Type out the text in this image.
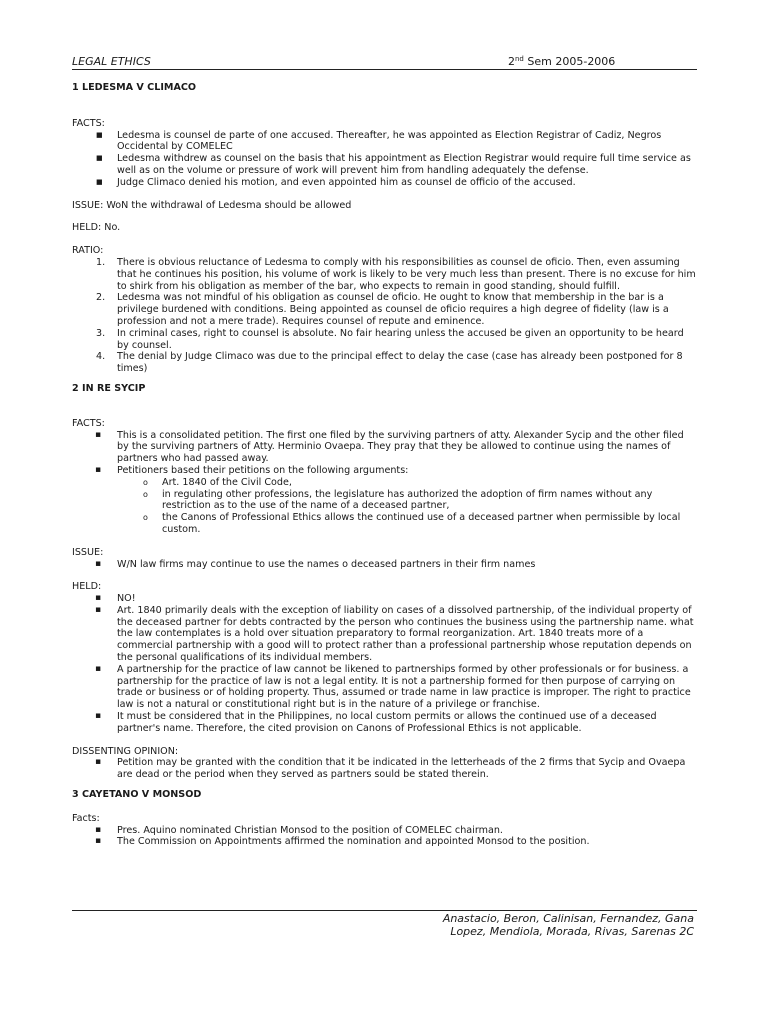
LEGAL ETHICS	2nd Sem 2005-2006

1 LEDESMA V CLIMACO

FACTS:

■ Ledesma is counsel de parte of one accused. Thereafter, he was appointed as Election Registrar of Cadiz, Negros Occidental by COMELEC
■ Ledesma withdrew as counsel on the basis that his appointment as Election Registrar would require full time service as well as on the volume or pressure of work will prevent him from handling adequately the defense.
■ Judge Climaco denied his motion, and even appointed him as counsel de officio of the accused.

ISSUE: WoN the withdrawal of Ledesma should be allowed

HELD: No.

RATIO:

1. There is obvious reluctance of Ledesma to comply with his responsibilities as counsel de oficio. Then, even assuming that he continues his position, his volume of work is likely to be very much less than present. There is no excuse for him to shirk from his obligation as member of the bar, who expects to remain in good standing, should fulfill.
2. Ledesma was not mindful of his obligation as counsel de oficio. He ought to know that membership in the bar is a privilege burdened with conditions. Being appointed as counsel de oficio requires a high degree of fidelity (law is a profession and not a mere trade). Requires counsel of repute and eminence.
3. In criminal cases, right to counsel is absolute. No fair hearing unless the accused be given an opportunity to be heard by counsel.
4. The denial by Judge Climaco was due to the principal effect to delay the case (case has already been postponed for 8 times)

2 IN RE SYCIP

FACTS:

▪ This is a consolidated petition. The first one filed by the surviving partners of atty. Alexander Sycip and the other filed by the surviving partners of Atty. Herminio Ovaepa. They pray that they be allowed to continue using the names of partners who had passed away.
▪ Petitioners based their petitions on the following arguments:
o Art. 1840 of the Civil Code,
o in regulating other professions, the legislature has authorized the adoption of firm names without any restriction as to the use of the name of a deceased partner,
o the Canons of Professional Ethics allows the continued use of a deceased partner when permissible by local custom.

ISSUE:

▪ W/N law firms may continue to use the names o deceased partners in their firm names

HELD:

▪ NO!
▪ Art. 1840 primarily deals with the exception of liability on cases of a dissolved partnership, of the individual property of the deceased partner for debts contracted by the person who continues the business using the partnership name. what the law contemplates is a hold over situation preparatory to formal reorganization. Art. 1840 treats more of a commercial partnership with a good will to protect rather than a professional partnership whose reputation depends on the personal qualifications of its individual members.
▪ A partnership for the practice of law cannot be likened to partnerships formed by other professionals or for business. a partnership for the practice of law is not a legal entity. It is not a partnership formed for then purpose of carrying on trade or business or of holding property. Thus, assumed or trade name in law practice is improper. The right to practice law is not a natural or constitutional right but is in the nature of a privilege or franchise.
▪ It must be considered that in the Philippines, no local custom permits or allows the continued use of a deceased partner's name. Therefore, the cited provision on Canons of Professional Ethics is not applicable.

DISSENTING OPINION:

▪ Petition may be granted with the condition that it be indicated in the letterheads of the 2 firms that Sycip and Ovaepa are dead or the period when they served as partners sould be stated therein.

3 CAYETANO V MONSOD

Facts:

▪ Pres. Aquino nominated Christian Monsod to the position of COMELEC chairman.
▪ The Commission on Appointments affirmed the nomination and appointed Monsod to the position.
Anastacio, Beron, Calinisan, Fernandez, Gana
Lopez, Mendiola, Morada, Rivas, Sarenas 2C
